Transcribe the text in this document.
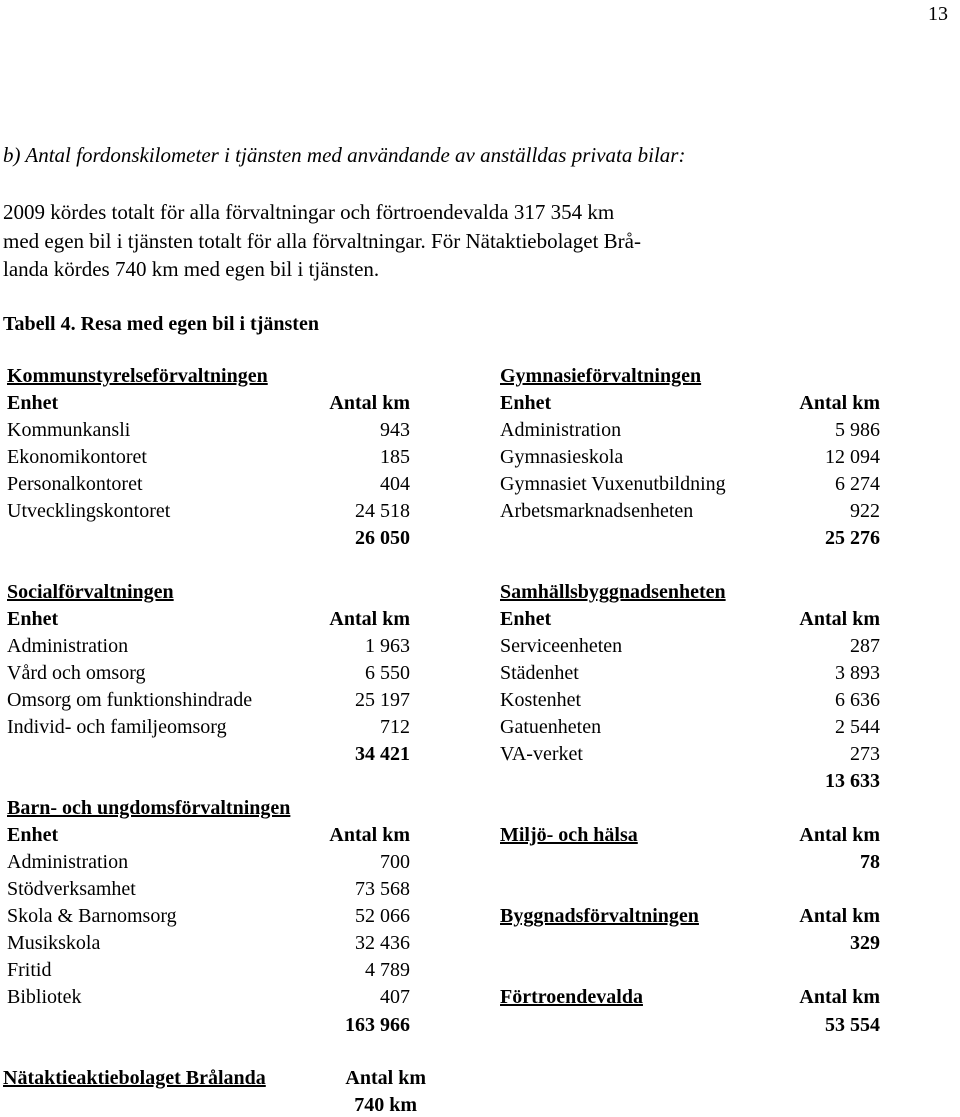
13
b) Antal fordonskilometer i tjänsten med användande av anställdas privata bilar:
2009 kördes totalt för alla förvaltningar och förtroendevalda 317 354 km
med egen bil i tjänsten totalt för alla förvaltningar. För Nätaktiebolaget Brå-
landa kördes 740 km med egen bil i tjänsten.
Tabell 4. Resa med egen bil i tjänsten
Kommunstyrelseförvaltningen
Enhet	Antal km
Kommunkansli	943
Ekonomikontoret	185
Personalkontoret	404
Utvecklingskontoret	24 518
26 050
Gymnasieförvaltningen
Enhet	Antal km
Administration	5 986
Gymnasieskola	12 094
Gymnasiet Vuxenutbildning	6 274
Arbetsmarknadsenheten	922
25 276
Socialförvaltningen
Enhet	Antal km
Administration	1 963
Vård och omsorg	6 550
Omsorg om funktionshindrade	25 197
Individ- och familjeomsorg	712
34 421
Samhällsbyggnadsenheten
Enhet	Antal km
Serviceenheten	287
Städenhet	3 893
Kostenhet	6 636
Gatuenheten	2 544
VA-verket	273
13 633
Barn- och ungdomsförvaltningen
Enhet	Antal km
Administration	700
Stödverksamhet	73 568
Skola & Barnomsorg	52 066
Musikskola	32 436
Fritid	4 789
Bibliotek	407
163 966
Miljö- och hälsa	Antal km
78
Byggnadsförvaltningen	Antal km
329
Förtroendevalda	Antal km
53 554
Nätaktieaktiebolaget Brålanda	Antal km
740 km
